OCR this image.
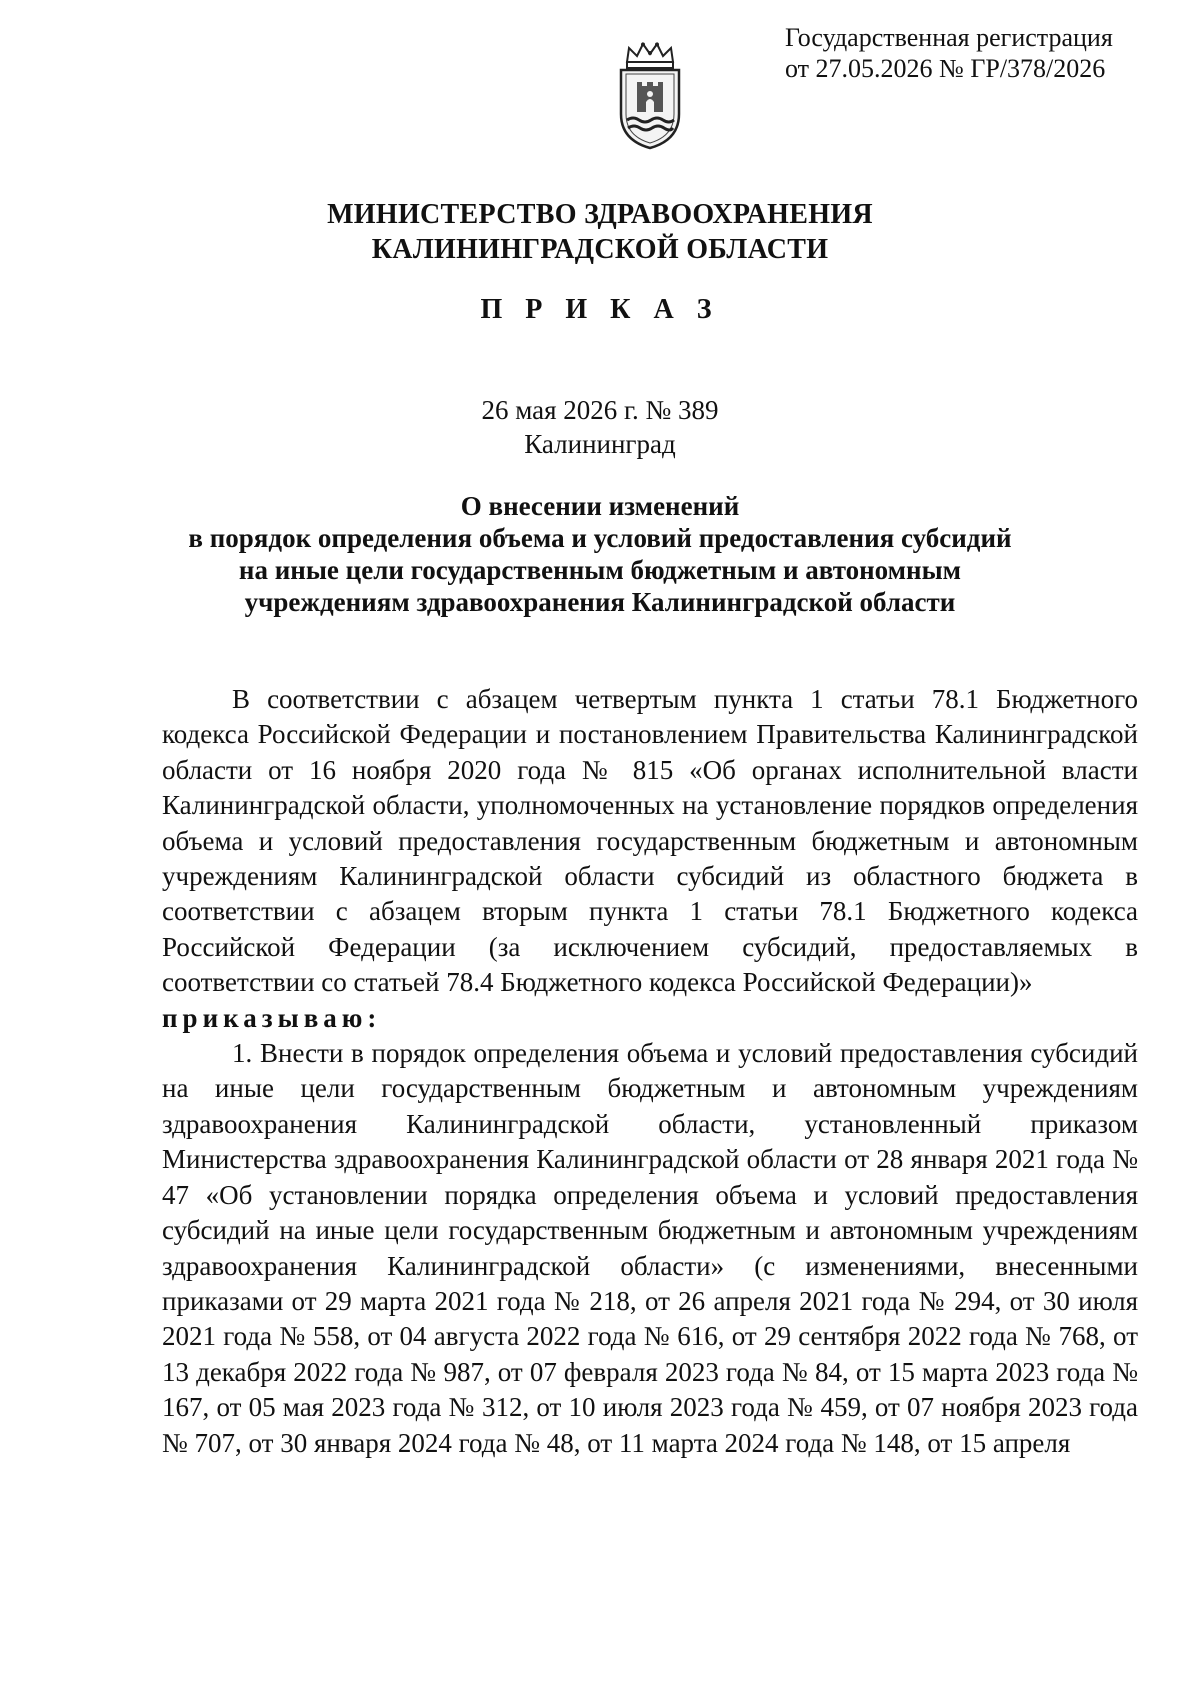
Государственная регистрация
от 27.05.2026 № ГР/378/2026
МИНИСТЕРСТВО ЗДРАВООХРАНЕНИЯ
КАЛИНИНГРАДСКОЙ ОБЛАСТИ
П Р И К А З
26 мая 2026 г. № 389
Калининград
О внесении изменений
в порядок определения объема и условий предоставления субсидий
на иные цели государственным бюджетным и автономным
учреждениям здравоохранения Калининградской области

В соответствии с абзацем четвертым пункта 1 статьи 78.1 Бюджетного кодекса Российской Федерации и постановлением Правительства Калининградской области от 16 ноября 2020 года № 815 «Об органах исполнительной власти Калининградской области, уполномоченных на установление порядков определения объема и условий предоставления государственным бюджетным и автономным учреждениям Калининградской области субсидий из областного бюджета в соответствии с абзацем вторым пункта 1 статьи 78.1 Бюджетного кодекса Российской Федерации (за исключением субсидий, предоставляемых в соответствии со статьей 78.4 Бюджетного кодекса Российской Федерации)»

приказываю:

1. Внести в порядок определения объема и условий предоставления субсидий на иные цели государственным бюджетным и автономным учреждениям здравоохранения Калининградской области, установленный приказом Министерства здравоохранения Калининградской области от 28 января 2021 года № 47 «Об установлении порядка определения объема и условий предоставления субсидий на иные цели государственным бюджетным и автономным учреждениям здравоохранения Калининградской области» (с изменениями, внесенными приказами от 29 марта 2021 года № 218, от 26 апреля 2021 года № 294, от 30 июля 2021 года № 558, от 04 августа 2022 года № 616, от 29 сентября 2022 года № 768, от 13 декабря 2022 года № 987, от 07 февраля 2023 года № 84, от 15 марта 2023 года № 167, от 05 мая 2023 года № 312, от 10 июля 2023 года № 459, от 07 ноября 2023 года № 707, от 30 января 2024 года № 48, от 11 марта 2024 года № 148, от 15 апреля
